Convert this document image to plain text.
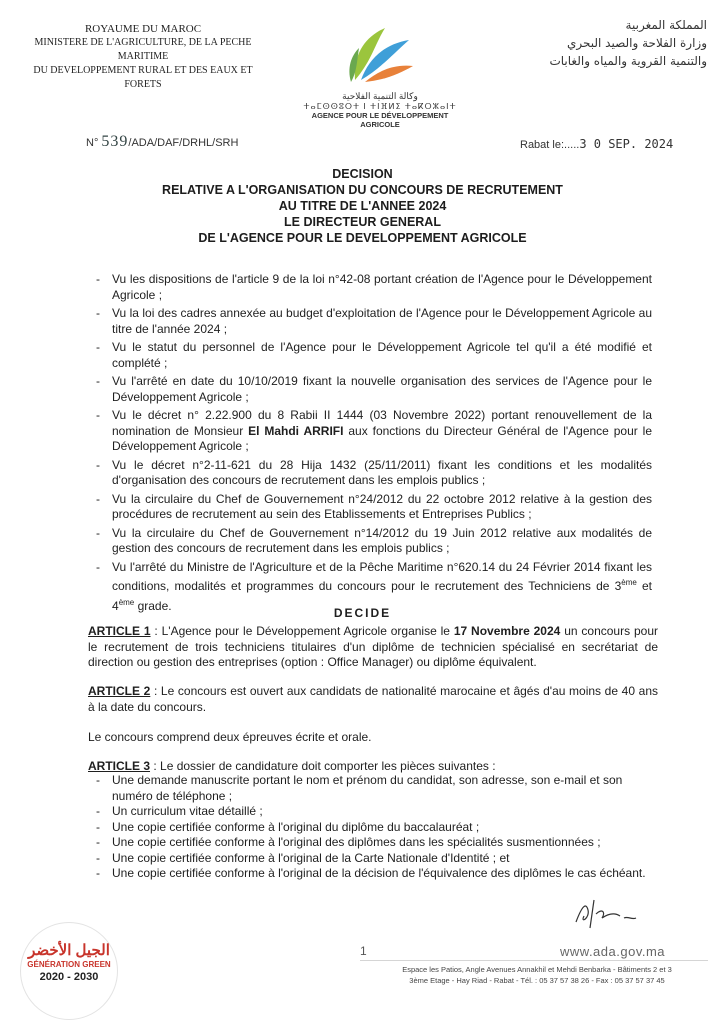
ROYAUME DU MAROC
MINISTERE DE L'AGRICULTURE, DE LA PECHE MARITIME
DU DEVELOPPEMENT RURAL ET DES EAUX ET FORETS
وكالة التنمية الفلاحية
ⵜⴰⵎⵙⵙⵓⵔⵜ ⵏ ⵜⵏⴼⵍⵉ ⵜⴰⴽⵔⵣⴰⵏⵜ
AGENCE POUR LE DÉVELOPPEMENT AGRICOLE
المملكة المغربية
وزارة الفلاحة والصيد البحري
والتنمية القروية والمياه والغابات
N° 539/ADA/DAF/DRHL/SRH	Rabat le:.....3 0 SEP. 2024
DECISION
RELATIVE A L'ORGANISATION DU CONCOURS DE RECRUTEMENT
AU TITRE DE L'ANNEE 2024
LE DIRECTEUR GENERAL
DE L'AGENCE POUR LE DEVELOPPEMENT AGRICOLE
- Vu les dispositions de l'article 9 de la loi n°42-08 portant création de l'Agence pour le Développement Agricole ;
- Vu la loi des cadres annexée au budget d'exploitation de l'Agence pour le Développement Agricole au titre de l'année 2024 ;
- Vu le statut du personnel de l'Agence pour le Développement Agricole tel qu'il a été modifié et complété ;
- Vu l'arrêté en date du 10/10/2019 fixant la nouvelle organisation des services de l'Agence pour le Développement Agricole ;
- Vu le décret n° 2.22.900 du 8 Rabii II 1444 (03 Novembre 2022) portant renouvellement de la nomination de Monsieur El Mahdi ARRIFI aux fonctions du Directeur Général de l'Agence pour le Développement Agricole ;
- Vu le décret n°2-11-621 du 28 Hija 1432 (25/11/2011) fixant les conditions et les modalités d'organisation des concours de recrutement dans les emplois publics ;
- Vu la circulaire du Chef de Gouvernement n°24/2012 du 22 octobre 2012 relative à la gestion des procédures de recrutement au sein des Etablissements et Entreprises Publics ;
- Vu la circulaire du Chef de Gouvernement n°14/2012 du 19 Juin 2012 relative aux modalités de gestion des concours de recrutement dans les emplois publics ;
- Vu l'arrêté du Ministre de l'Agriculture et de la Pêche Maritime n°620.14 du 24 Février 2014 fixant les conditions, modalités et programmes du concours pour le recrutement des Techniciens de 3ème et 4ème grade.
DECIDE
ARTICLE 1 : L'Agence pour le Développement Agricole organise le 17 Novembre 2024 un concours pour le recrutement de trois techniciens titulaires d'un diplôme de technicien spécialisé en secrétariat de direction ou gestion des entreprises (option : Office Manager) ou diplôme équivalent.
ARTICLE 2 : Le concours est ouvert aux candidats de nationalité marocaine et âgés d'au moins de 40 ans à la date du concours.
Le concours comprend deux épreuves écrite et orale.
ARTICLE 3 : Le dossier de candidature doit comporter les pièces suivantes :
- Une demande manuscrite portant le nom et prénom du candidat, son adresse, son e-mail et son numéro de téléphone ;
- Un curriculum vitae détaillé ;
- Une copie certifiée conforme à l'original du diplôme du baccalauréat ;
- Une copie certifiée conforme à l'original des diplômes dans les spécialités susmentionnées ;
- Une copie certifiée conforme à l'original de la Carte Nationale d'Identité ; et
- Une copie certifiée conforme à l'original de la décision de l'équivalence des diplômes le cas échéant.
الجيل الأخضر
GÉNÉRATION GREEN
2020 - 2030
1	www.ada.gov.ma
Espace les Patios, Angle Avenues Annakhil et Mehdi Benbarka - Bâtiments 2 et 3
3ème Etage - Hay Riad - Rabat - Tél. : 05 37 57 38 26 - Fax : 05 37 57 37 45
